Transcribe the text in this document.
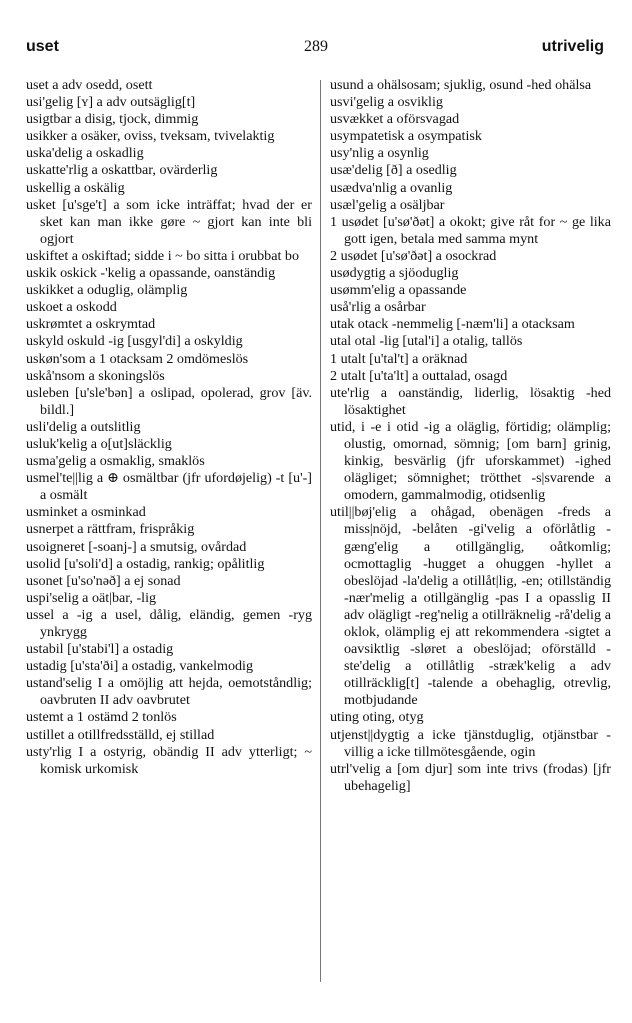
uset	289	utrivelig

uset a adv osedd, osett

usi'gelig [ʏ] a adv outsäglig[t]

usigtbar a disig, tjock, dimmig

usikker a osäker, oviss, tveksam, tvivelaktig

uska'delig a oskadlig

uskatte'rlig a oskattbar, ovärderlig

uskellig a oskälig

usket [u'sge't] a som icke inträffat; hvad der er sket kan man ikke gøre ~ gjort kan inte bli ogjort

uskiftet a oskiftad; sidde i ~ bo sitta i orubbat bo

uskik oskick -'kelig a opassande, oanständig

uskikket a oduglig, olämplig

uskoet a oskodd

uskrømtet a oskrymtad

uskyld oskuld -ig [usgyl'di] a oskyldig

uskøn'som a 1 otacksam 2 omdömeslös

uskå'nsom a skoningslös

usleben [u'sle'bən] a oslipad, opolerad, grov [äv. bildl.]

usli'delig a outslitlig

usluk'kelig a o[ut]släcklig

usma'gelig a osmaklig, smaklös

usmel'te||lig a ⊕ osmältbar (jfr ufordøjelig) -t [u'-] a osmält

usminket a osminkad

usnerpet a rättfram, frispråkig

usoigneret [-soanj-] a smutsig, ovårdad

usolid [u'soli'd] a ostadig, rankig; opålitlig

usonet [u'so'nəð] a ej sonad

uspi'selig a oät|bar, -lig

ussel a -ig a usel, dålig, eländig, gemen -ryg ynkrygg

ustabil [u'stabi'l] a ostadig

ustadig [u'sta'ði] a ostadig, vankelmodig

ustand'selig I a omöjlig att hejda, oemotståndlig; oavbruten II adv oavbrutet

ustemt a 1 ostämd 2 tonlös

ustillet a otillfredsställd, ej stillad

usty'rlig I a ostyrig, obändig II adv ytterligt; ~ komisk urkomisk

usund a ohälsosam; sjuklig, osund -hed ohälsa

usvi'gelig a osviklig

usvækket a oförsvagad

usympatetisk a osympatisk

usy'nlig a osynlig

usæ'delig [ð] a osedlig

usædva'nlig a ovanlig

usæl'gelig a osäljbar

1 usødet [u'sø'ðət] a okokt; give råt for ~ ge lika gott igen, betala med samma mynt

2 usødet [u'sø'ðət] a osockrad

usødygtig a sjöoduglig

usømm'elig a opassande

uså'rlig a osårbar

utak otack -nemmelig [-næm'li] a otacksam

utal otal -lig [utal'i] a otalig, tallös

1 utalt [u'tal't] a oräknad

2 utalt [u'ta'lt] a outtalad, osagd

ute'rlig a oanständig, liderlig, lösaktig -hed lösaktighet

utid, i -e i otid -ig a oläglig, förtidig; olämplig; olustig, omornad, sömnig; [om barn] grinig, kinkig, besvärlig (jfr uforskammet) -ighed olägliget; sömnighet; trötthet -s|svarende a omodern, gammalmodig, otidsenlig

util||bøj'elig a ohågad, obenägen -freds a miss|nöjd, -belåten -gi'velig a oförlåtlig -gæng'elig a otillgänglig, oåtkomlig; ocmottaglig -hugget a ohuggen -hyllet a obeslöjad -la'delig a otillåt|lig, -en; otillständig -nær'melig a otillgänglig -pas I a opasslig II adv olägligt -reg'nelig a otillräknelig -rå'delig a oklok, olämplig ej att rekommendera -sigtet a oavsiktlig -sløret a obeslöjad; oförställd -ste'delig a otillåtlig -stræk'kelig a adv otillräcklig[t] -talende a obehaglig, otrevlig, motbjudande

uting oting, otyg

utjenst||dygtig a icke tjänstduglig, otjänstbar -villig a icke tillmötesgående, ogin

utrl'velig a [om djur] som inte trivs (frodas) [jfr ubehagelig]
